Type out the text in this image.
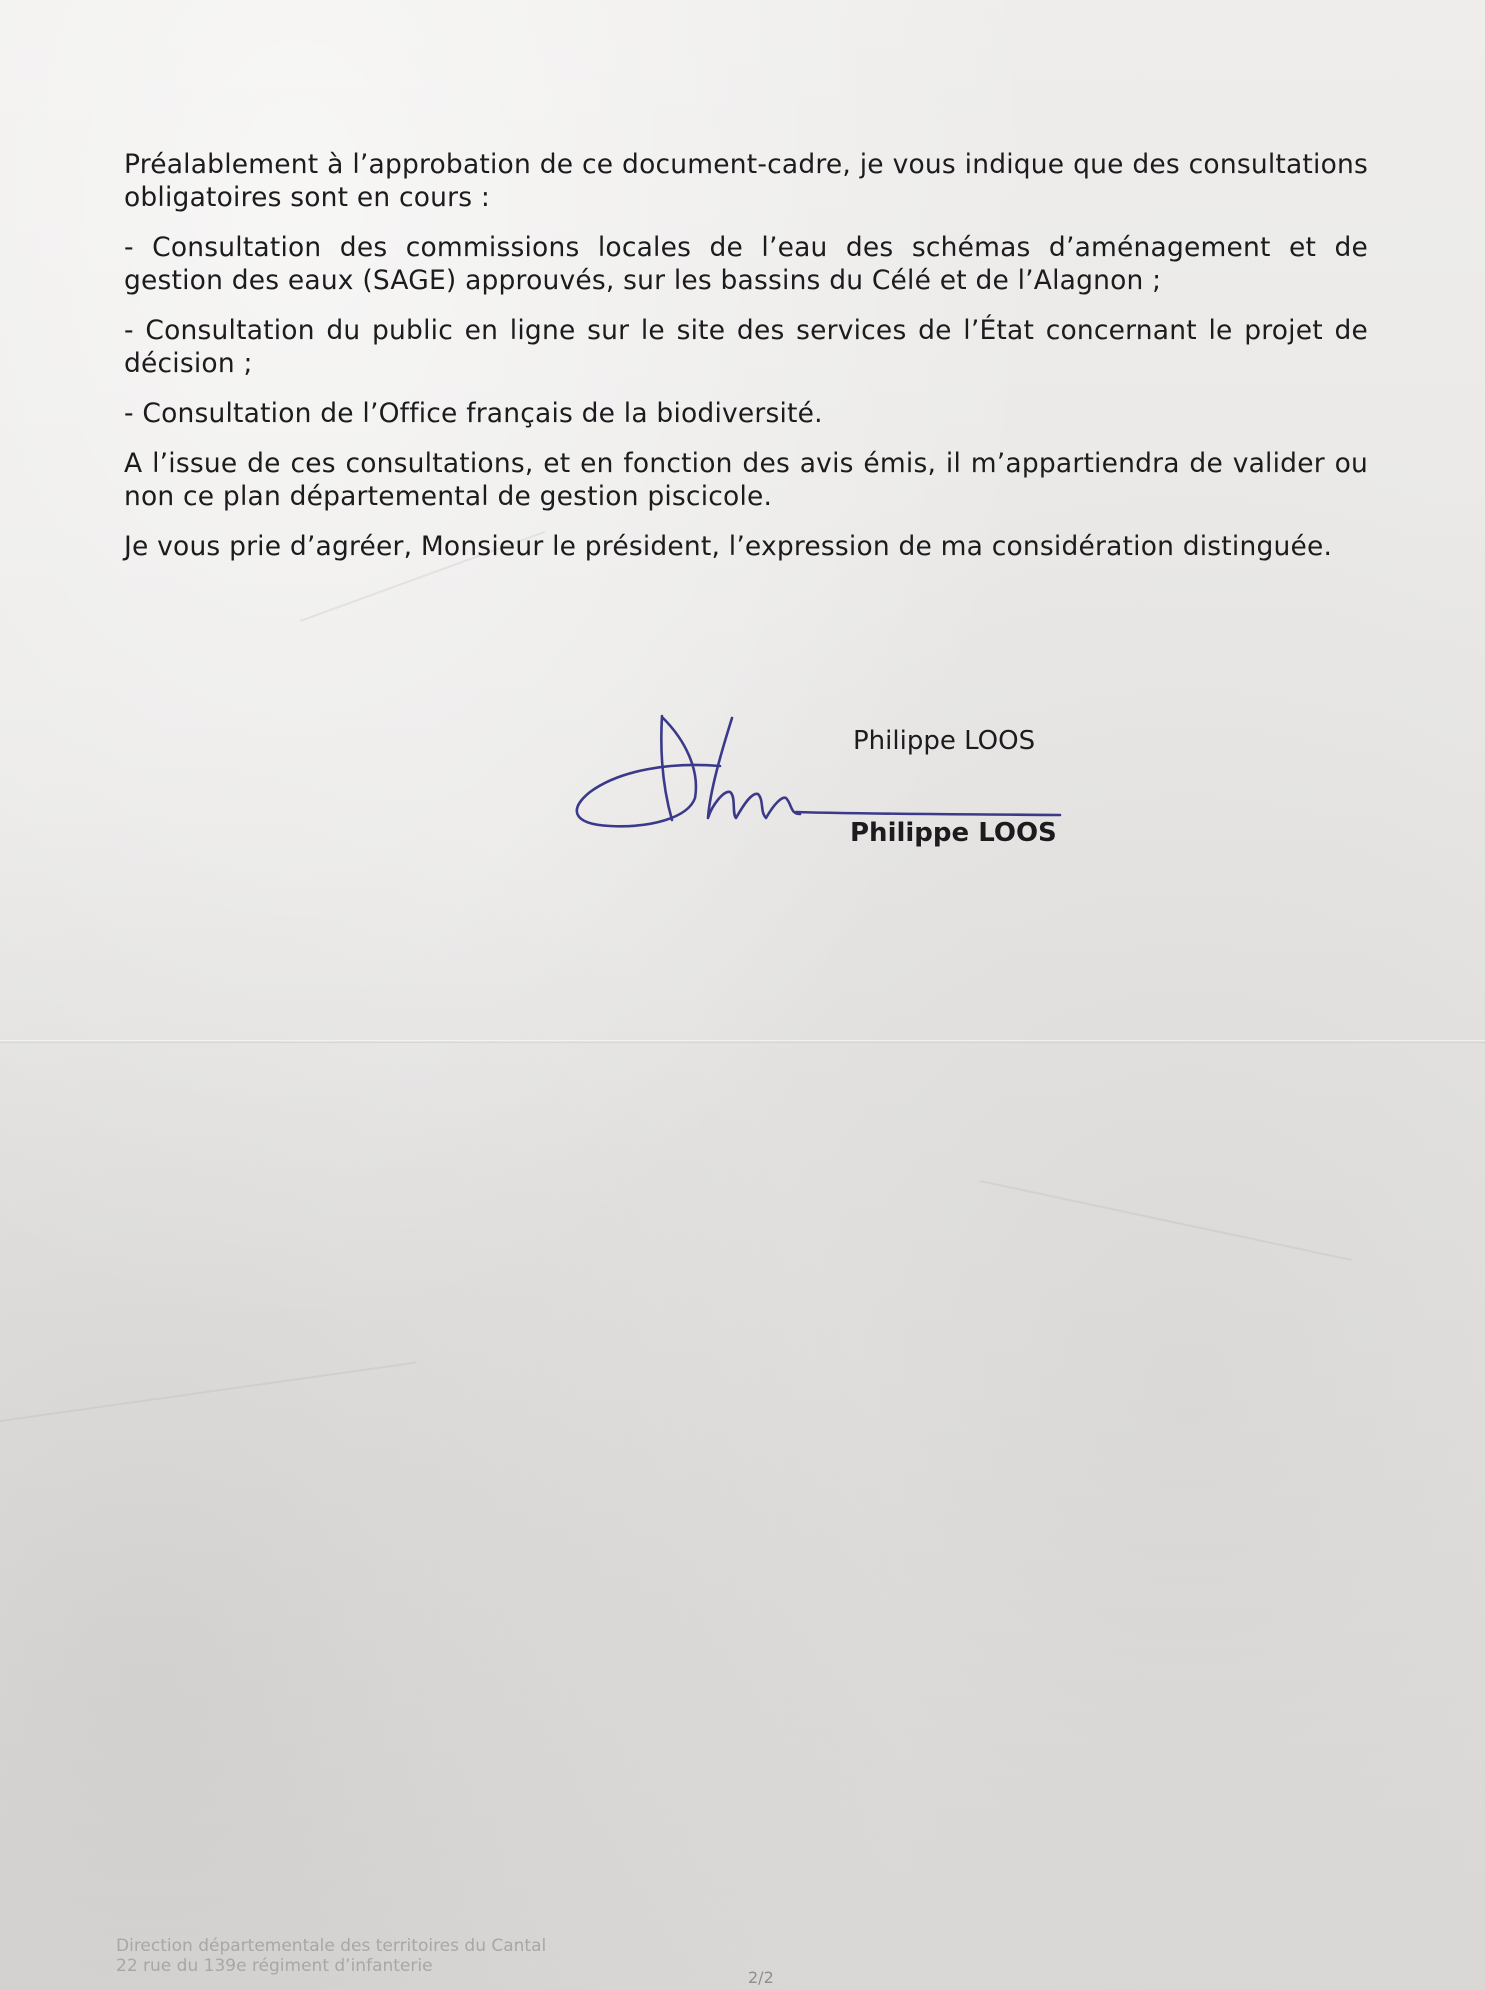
Préalablement à l’approbation de ce document-cadre, je vous indique que des consultations obligatoires sont en cours :

- Consultation des commissions locales de l’eau des schémas d’aménagement et de gestion des eaux (SAGE) approuvés, sur les bassins du Célé et de l’Alagnon ;

- Consultation du public en ligne sur le site des services de l’État concernant le projet de décision ;

- Consultation de l’Office français de la biodiversité.

A l’issue de ces consultations, et en fonction des avis émis, il m’appartiendra de valider ou non ce plan départemental de gestion piscicole.

Je vous prie d’agréer, Monsieur le président, l’expression de ma considération distinguée.

Philippe LOOS
Philippe LOOS
Direction départementale des territoires du Cantal
22 rue du 139e régiment d’infanterie
2/2
